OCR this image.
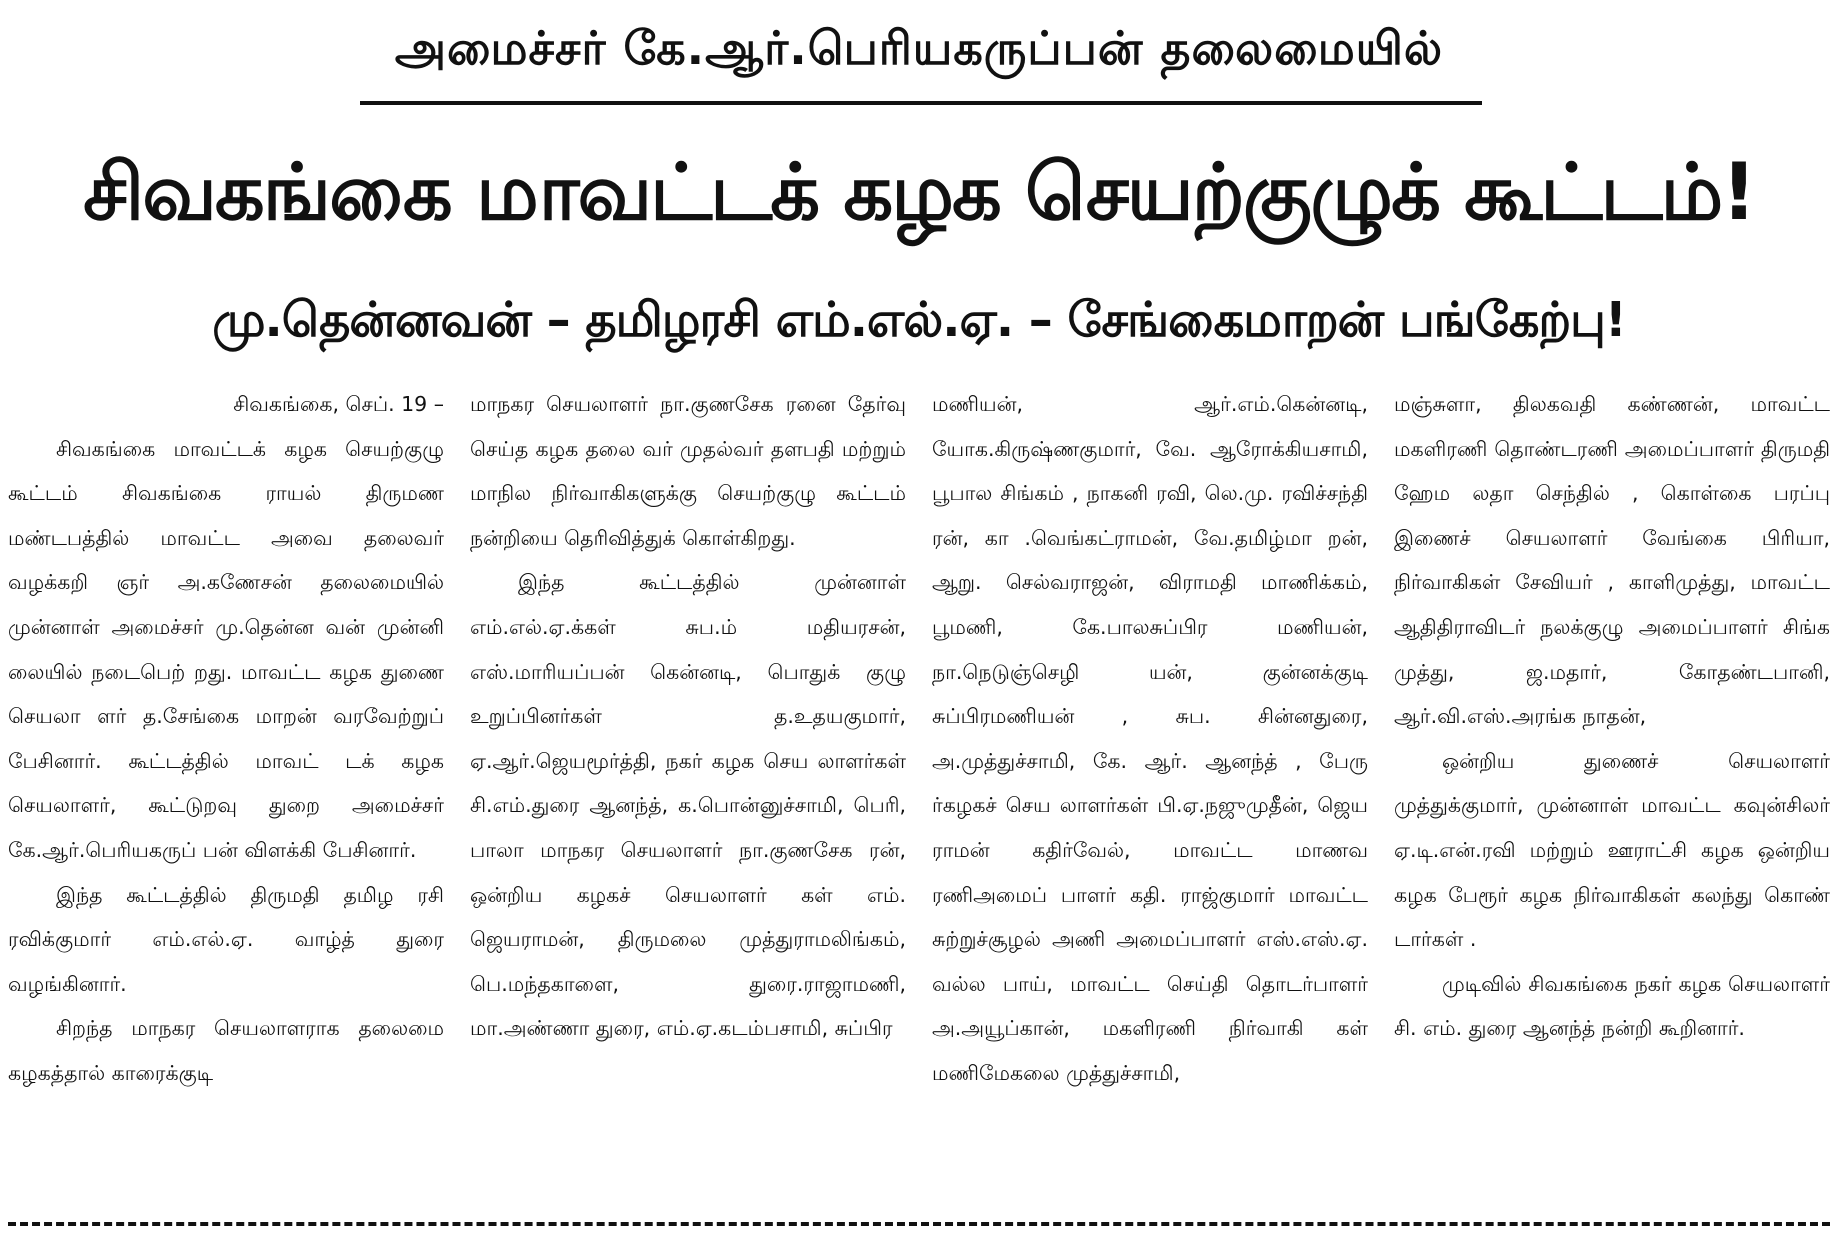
அமைச்சர் கே.ஆர்.பெரியகருப்பன் தலைமையில்
சிவகங்கை மாவட்டக் கழக செயற்குழுக் கூட்டம்!
மு.தென்னவன் – தமிழரசி எம்.எல்.ஏ. – சேங்கைமாறன் பங்கேற்பு!

சிவகங்கை, செப். 19 –

சிவகங்கை மாவட்டக் கழக செயற்குழு கூட்டம் சிவகங்கை ராயல் திருமண மண்டபத்தில் மாவட்ட அவை தலைவர் வழக்கறி ஞர் அ.கணேசன் தலைமையில் முன்னாள் அமைச்சர் மு.தென்ன வன் முன்னி லையில் நடைபெற் றது. மாவட்ட கழக துணை செயலா ளர் த.சேங்கை மாறன் வரவேற்றுப் பேசினார். கூட்டத்தில் மாவட் டக் கழக செயலாளர், கூட்டுறவு துறை அமைச்சர் கே.ஆர்.பெரியகருப் பன் விளக்கி பேசினார்.

இந்த கூட்டத்தில் திருமதி தமிழ ரசி ரவிக்குமார் எம்.எல்.ஏ. வாழ்த் துரை வழங்கினார்.

சிறந்த மாநகர செயலாளராக தலைமை கழகத்தால் காரைக்குடி

மாநகர செயலாளர் நா.குணசேக ரனை தேர்வு செய்த கழக தலை வர் முதல்வர் தளபதி மற்றும் மாநில நிர்வாகிகளுக்கு செயற்குழு கூட்டம் நன்றியை தெரிவித்துக் கொள்கிறது.

இந்த கூட்டத்தில் முன்னாள் எம்.எல்.ஏ.க்கள் சுப.ம் மதியரசன், எஸ்.மாரியப்பன் கென்னடி, பொதுக் குழு உறுப்பினர்கள் த.உதயகுமார், ஏ.ஆர்.ஜெயமூர்த்தி, நகர் கழக செய லாளர்கள் சி.எம்.துரை ஆனந்த், க.பொன்னுச்சாமி, பெரி, பாலா மாநகர செயலாளர் நா.குணசேக ரன், ஒன்றிய கழகச் செயலாளர் கள் எம். ஜெயராமன், திருமலை முத்துராமலிங்கம், பெ.மந்தகாளை, துரை.ராஜாமணி, மா.அண்ணா துரை, எம்.ஏ.கடம்பசாமி, சுப்பிர

மணியன், ஆர்.எம்.கென்னடி, யோக.கிருஷ்ணகுமார், வே. ஆரோக்கியசாமி, பூபால சிங்கம் , நாகனி ரவி, லெ.மு. ரவிச்சந்தி ரன், கா .வெங்கட்ராமன், வே.தமிழ்மா றன், ஆறு. செல்வராஜன், விராமதி மாணிக்கம், பூமணி, கே.பாலசுப்பிர மணியன், நா.நெடுஞ்செழி யன், குன்னக்குடி சுப்பிரமணியன் , சுப. சின்னதுரை, அ.முத்துச்சாமி, கே. ஆர். ஆனந்த் , பேரு ர்கழகச் செய லாளர்கள் பி.ஏ.நஜுமுதீன், ஜெய ராமன் கதிர்வேல், மாவட்ட மாணவ ரணிஅமைப் பாளர் கதி. ராஜ்குமார் மாவட்ட சுற்றுச்சூழல் அணி அமைப்பாளர் எஸ்.எஸ்.ஏ. வல்ல பாய், மாவட்ட செய்தி தொடர்பாளர் அ.அயூப்கான், மகளிரணி நிர்வாகி கள் மணிமேகலை முத்துச்சாமி,

மஞ்சுளா, திலகவதி கண்ணன், மாவட்ட மகளிரணி தொண்டரணி அமைப்பாளர் திருமதி ஹேம லதா செந்தில் , கொள்கை பரப்பு இணைச் செயலாளர் வேங்கை பிரியா, நிர்வாகிகள் சேவியர் , காளிமுத்து, மாவட்ட ஆதிதிராவிடர் நலக்குழு அமைப்பாளர் சிங்க முத்து, ஜ.மதார், கோதண்டபானி, ஆர்.வி.எஸ்.அரங்க நாதன்,

ஒன்றிய துணைச் செயலாளர் முத்துக்குமார், முன்னாள் மாவட்ட கவுன்சிலர் ஏ.டி.என்.ரவி மற்றும் ஊராட்சி கழக ஒன்றிய கழக பேரூர் கழக நிர்வாகிகள் கலந்து கொண் டார்கள் .

முடிவில் சிவகங்கை நகர் கழக செயலாளர் சி. எம். துரை ஆனந்த் நன்றி கூறினார்.
